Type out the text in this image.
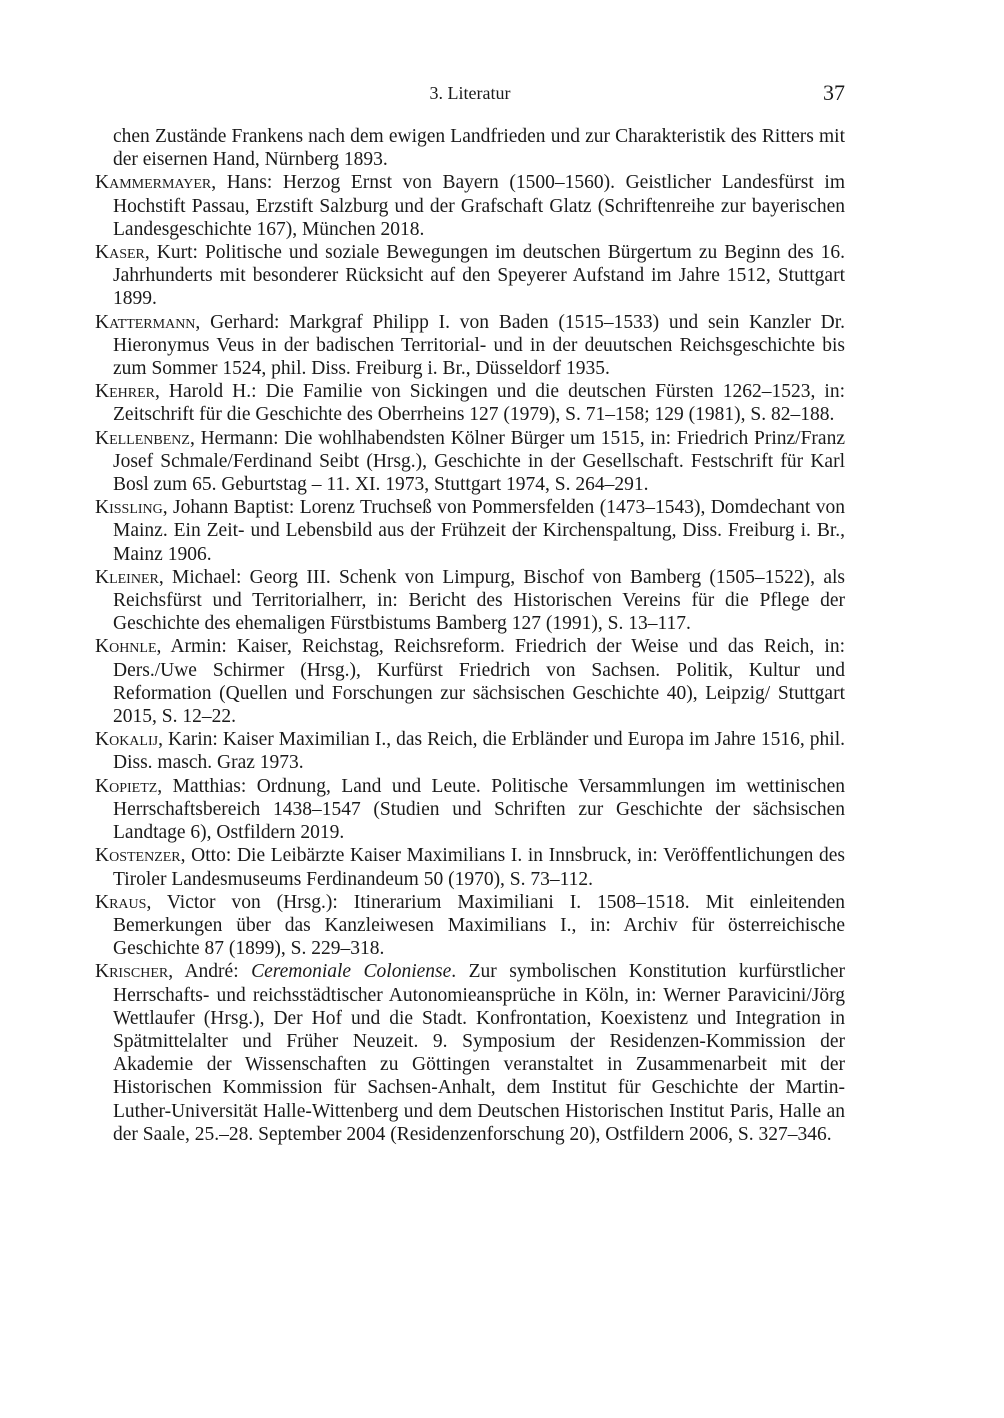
3. Literatur	37

chen Zustände Frankens nach dem ewigen Landfrieden und zur Charakteristik des Ritters mit der eisernen Hand, Nürnberg 1893.

Kammermayer, Hans: Herzog Ernst von Bayern (1500–1560). Geistlicher Landesfürst im Hochstift Passau, Erzstift Salzburg und der Grafschaft Glatz (Schriftenreihe zur bayerischen Landesgeschichte 167), München 2018.

Kaser, Kurt: Politische und soziale Bewegungen im deutschen Bürgertum zu Beginn des 16. Jahrhunderts mit besonderer Rücksicht auf den Speyerer Aufstand im Jahre 1512, Stuttgart 1899.

Kattermann, Gerhard: Markgraf Philipp I. von Baden (1515–1533) und sein Kanzler Dr. Hieronymus Veus in der badischen Territorial- und in der deuutschen Reichsgeschichte bis zum Sommer 1524, phil. Diss. Freiburg i. Br., Düsseldorf 1935.

Kehrer, Harold H.: Die Familie von Sickingen und die deutschen Fürsten 1262–1523, in: Zeitschrift für die Geschichte des Oberrheins 127 (1979), S. 71–158; 129 (1981), S. 82–188.

Kellenbenz, Hermann: Die wohlhabendsten Kölner Bürger um 1515, in: Friedrich Prinz/Franz Josef Schmale/Ferdinand Seibt (Hrsg.), Geschichte in der Gesellschaft. Festschrift für Karl Bosl zum 65. Geburtstag – 11. XI. 1973, Stuttgart 1974, S. 264–291.

Kissling, Johann Baptist: Lorenz Truchseß von Pommersfelden (1473–1543), Domdechant von Mainz. Ein Zeit- und Lebensbild aus der Frühzeit der Kirchenspaltung, Diss. Freiburg i. Br., Mainz 1906.

Kleiner, Michael: Georg III. Schenk von Limpurg, Bischof von Bamberg (1505–1522), als Reichsfürst und Territorialherr, in: Bericht des Historischen Vereins für die Pflege der Geschichte des ehemaligen Fürstbistums Bamberg 127 (1991), S. 13–117.

Kohnle, Armin: Kaiser, Reichstag, Reichsreform. Friedrich der Weise und das Reich, in: Ders./Uwe Schirmer (Hrsg.), Kurfürst Friedrich von Sachsen. Politik, Kultur und Reformation (Quellen und Forschungen zur sächsischen Geschichte 40), Leipzig/ Stuttgart 2015, S. 12–22.

Kokalij, Karin: Kaiser Maximilian I., das Reich, die Erbländer und Europa im Jahre 1516, phil. Diss. masch. Graz 1973.

Kopietz, Matthias: Ordnung, Land und Leute. Politische Versammlungen im wettinischen Herrschaftsbereich 1438–1547 (Studien und Schriften zur Geschichte der sächsischen Landtage 6), Ostfildern 2019.

Kostenzer, Otto: Die Leibärzte Kaiser Maximilians I. in Innsbruck, in: Veröffentlichungen des Tiroler Landesmuseums Ferdinandeum 50 (1970), S. 73–112.

Kraus, Victor von (Hrsg.): Itinerarium Maximiliani I. 1508–1518. Mit einleitenden Bemerkungen über das Kanzleiwesen Maximilians I., in: Archiv für österreichische Geschichte 87 (1899), S. 229–318.

Krischer, André: Ceremoniale Coloniense. Zur symbolischen Konstitution kurfürstlicher Herrschafts- und reichsstädtischer Autonomieansprüche in Köln, in: Werner Paravicini/Jörg Wettlaufer (Hrsg.), Der Hof und die Stadt. Konfrontation, Koexistenz und Integration in Spätmittelalter und Früher Neuzeit. 9. Symposium der Residenzen-Kommission der Akademie der Wissenschaften zu Göttingen veranstaltet in Zusammenarbeit mit der Historischen Kommission für Sachsen-Anhalt, dem Institut für Geschichte der Martin-Luther-Universität Halle-Wittenberg und dem Deutschen Historischen Institut Paris, Halle an der Saale, 25.–28. September 2004 (Residenzenforschung 20), Ostfildern 2006, S. 327–346.
